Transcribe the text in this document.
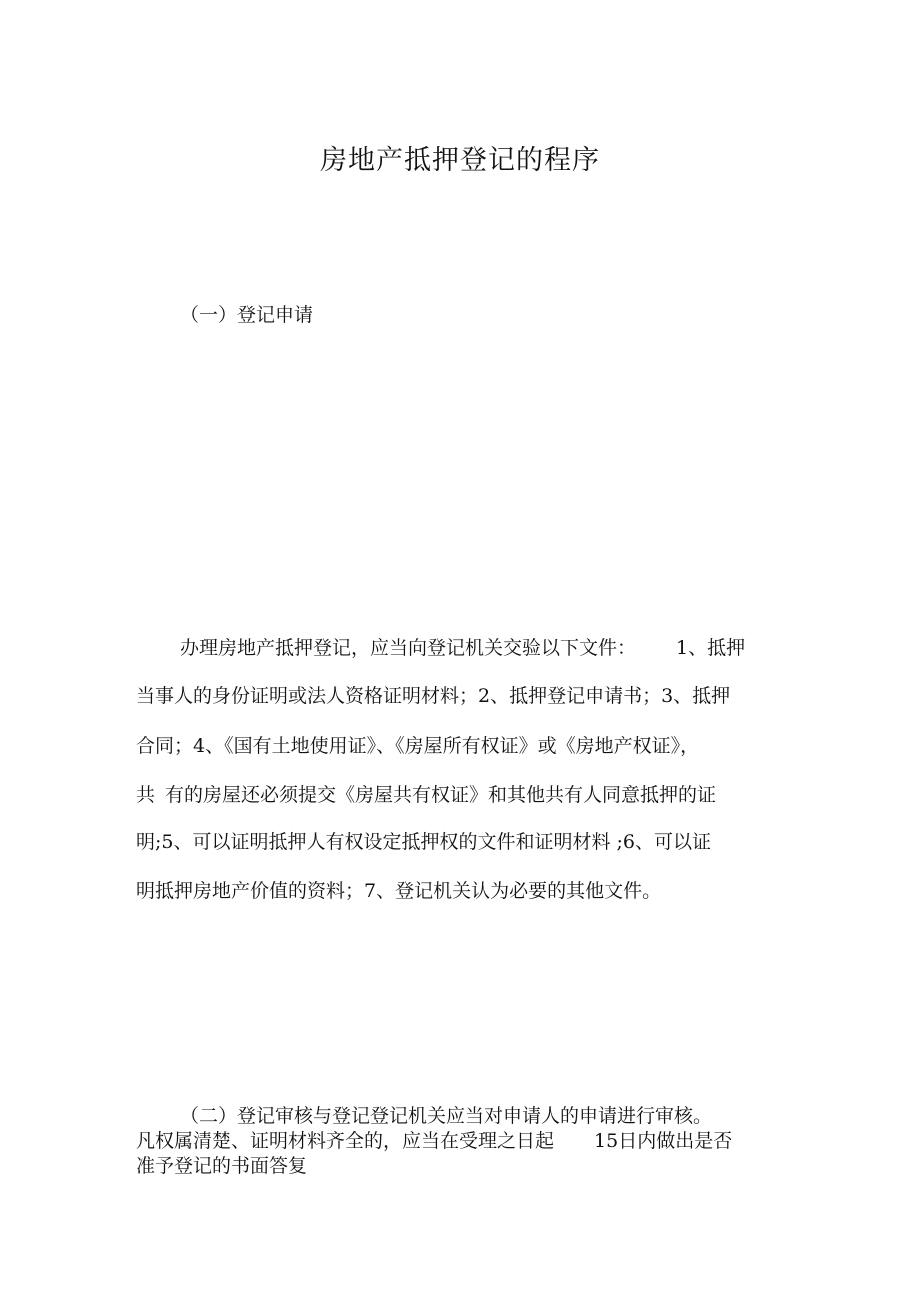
房地产抵押登记的程序
（一）登记申请
办理房地产抵押登记，应当向登记机关交验以下文件： 1、抵押
当事人的身份证明或法人资格证明材料；2、抵押登记申请书；3、抵押
合同；4、《国有土地使用证》、《房屋所有权证》或《房地产权证》，
共 有的房屋还必须提交《房屋共有权证》和其他共有人同意抵押的证
明;5、可以证明抵押人有权设定抵押权的文件和证明材料 ;6、可以证
明抵押房地产价值的资料；7、登记机关认为必要的其他文件。
（二）登记审核与登记登记机关应当对申请人的申请进行审核。
凡权属清楚、证明材料齐全的，应当在受理之日起 15日内做出是否
准予登记的书面答复
